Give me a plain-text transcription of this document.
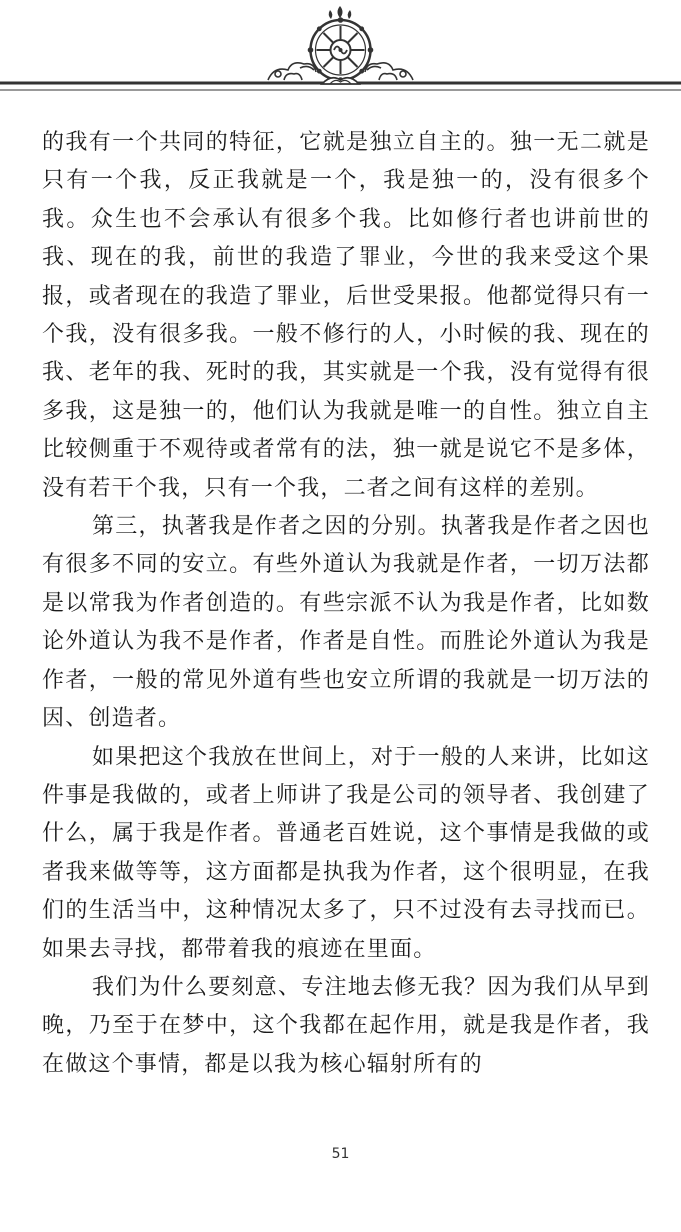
的我有一个共同的特征，它就是独立自主的。独一无二就是只有一个我，反正我就是一个，我是独一的，没有很多个我。众生也不会承认有很多个我。比如修行者也讲前世的我、现在的我，前世的我造了罪业，今世的我来受这个果报，或者现在的我造了罪业，后世受果报。他都觉得只有一个我，没有很多我。一般不修行的人，小时候的我、现在的我、老年的我、死时的我，其实就是一个我，没有觉得有很多我，这是独一的，他们认为我就是唯一的自性。独立自主比较侧重于不观待或者常有的法，独一就是说它不是多体，没有若干个我，只有一个我，二者之间有这样的差别。

第三，执著我是作者之因的分别。执著我是作者之因也有很多不同的安立。有些外道认为我就是作者，一切万法都是以常我为作者创造的。有些宗派不认为我是作者，比如数论外道认为我不是作者，作者是自性。而胜论外道认为我是作者，一般的常见外道有些也安立所谓的我就是一切万法的因、创造者。

如果把这个我放在世间上，对于一般的人来讲，比如这件事是我做的，或者上师讲了我是公司的领导者、我创建了什么，属于我是作者。普通老百姓说，这个事情是我做的或者我来做等等，这方面都是执我为作者，这个很明显，在我们的生活当中，这种情况太多了，只不过没有去寻找而已。如果去寻找，都带着我的痕迹在里面。

我们为什么要刻意、专注地去修无我？因为我们从早到晚，乃至于在梦中，这个我都在起作用，就是我是作者，我在做这个事情，都是以我为核心辐射所有的

51
